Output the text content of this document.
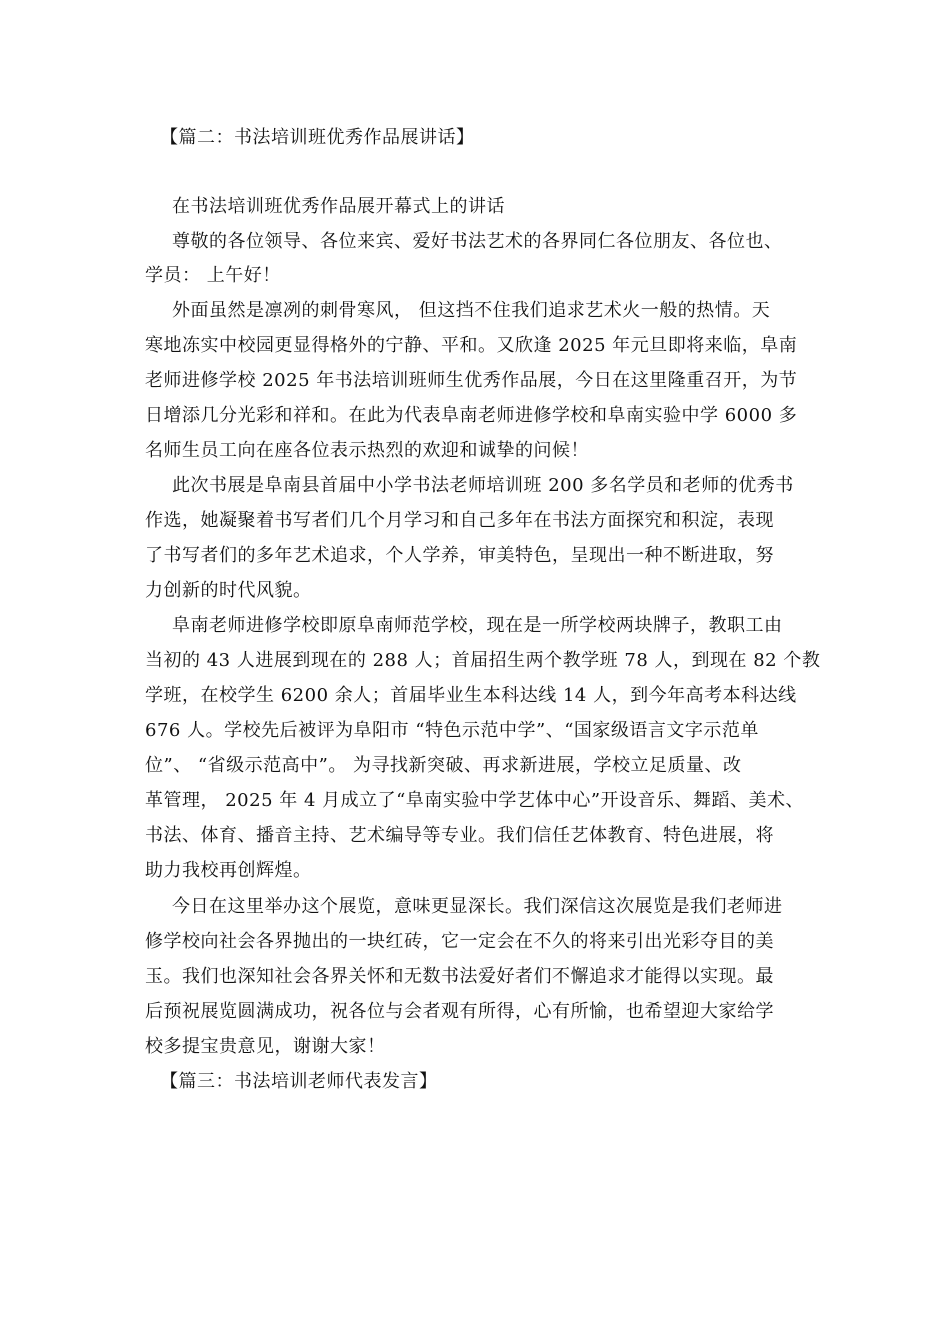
【篇二：书法培训班优秀作品展讲话】
在书法培训班优秀作品展开幕式上的讲话
尊敬的各位领导、各位来宾、爱好书法艺术的各界同仁各位朋友、各位也、
学员： 上午好！
外面虽然是凛冽的刺骨寒风， 但这挡不住我们追求艺术火一般的热情。天
寒地冻实中校园更显得格外的宁静、平和。又欣逢 2025 年元旦即将来临，阜南
老师进修学校 2025 年书法培训班师生优秀作品展，今日在这里隆重召开，为节
日增添几分光彩和祥和。在此为代表阜南老师进修学校和阜南实验中学 6000 多
名师生员工向在座各位表示热烈的欢迎和诚挚的问候！
此次书展是阜南县首届中小学书法老师培训班 200 多名学员和老师的优秀书
作选，她凝聚着书写者们几个月学习和自己多年在书法方面探究和积淀，表现
了书写者们的多年艺术追求，个人学养，审美特色，呈现出一种不断进取，努
力创新的时代风貌。
阜南老师进修学校即原阜南师范学校，现在是一所学校两块牌子，教职工由
当初的 43 人进展到现在的 288 人；首届招生两个教学班 78 人，到现在 82 个教
学班，在校学生 6200 余人；首届毕业生本科达线 14 人，到今年高考本科达线
676 人。学校先后被评为阜阳市 “特色示范中学”、“国家级语言文字示范单
位”、 “省级示范高中”。 为寻找新突破、再求新进展，学校立足质量、改
革管理， 2025 年 4 月成立了“阜南实验中学艺体中心”开设音乐、舞蹈、美术、
书法、体育、播音主持、艺术编导等专业。我们信任艺体教育、特色进展，将
助力我校再创辉煌。
今日在这里举办这个展览，意味更显深长。我们深信这次展览是我们老师进
修学校向社会各界抛出的一块红砖，它一定会在不久的将来引出光彩夺目的美
玉。我们也深知社会各界关怀和无数书法爱好者们不懈追求才能得以实现。最
后预祝展览圆满成功，祝各位与会者观有所得，心有所愉，也希望迎大家给学
校多提宝贵意见，谢谢大家！
【篇三：书法培训老师代表发言】
